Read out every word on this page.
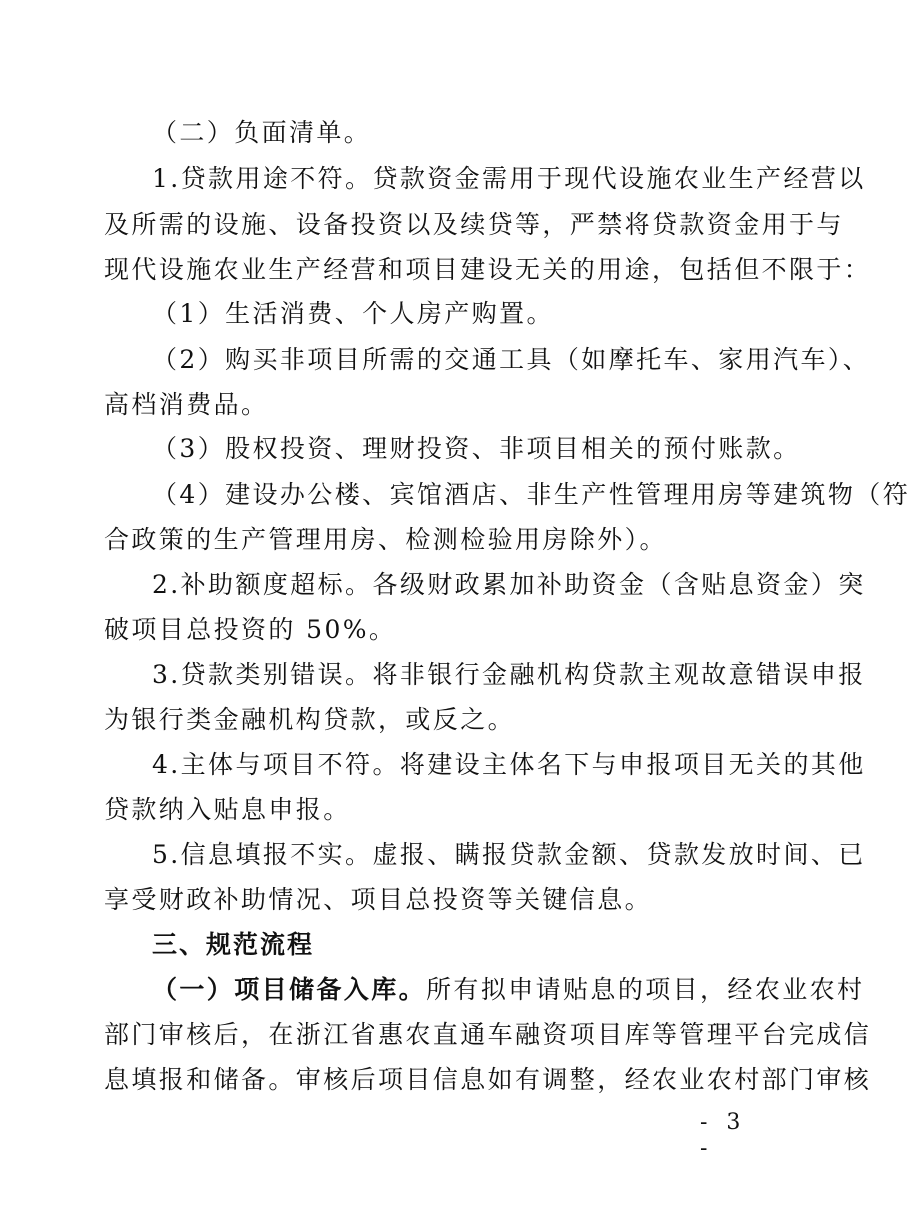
（二）负面清单。
1.贷款用途不符。贷款资金需用于现代设施农业生产经营以
及所需的设施、设备投资以及续贷等，严禁将贷款资金用于与
现代设施农业生产经营和项目建设无关的用途，包括但不限于：
（1）生活消费、个人房产购置。
（2）购买非项目所需的交通工具（如摩托车、家用汽车）、
高档消费品。
（3）股权投资、理财投资、非项目相关的预付账款。
（4）建设办公楼、宾馆酒店、非生产性管理用房等建筑物（符
合政策的生产管理用房、检测检验用房除外）。
2.补助额度超标。各级财政累加补助资金（含贴息资金）突
破项目总投资的 50%。
3.贷款类别错误。将非银行金融机构贷款主观故意错误申报
为银行类金融机构贷款，或反之。
4.主体与项目不符。将建设主体名下与申报项目无关的其他
贷款纳入贴息申报。
5.信息填报不实。虚报、瞒报贷款金额、贷款发放时间、已
享受财政补助情况、项目总投资等关键信息。
三、规范流程
（一）项目储备入库。所有拟申请贴息的项目，经农业农村
部门审核后，在浙江省惠农直通车融资项目库等管理平台完成信
息填报和储备。审核后项目信息如有调整，经农业农村部门审核
- 3 -
